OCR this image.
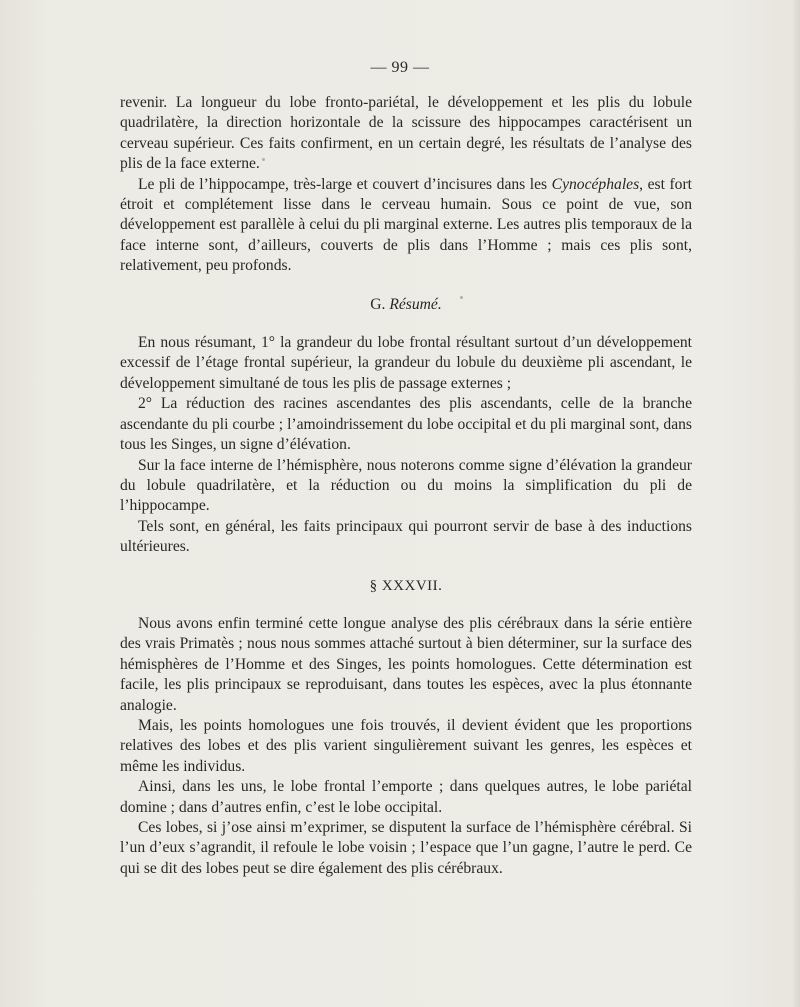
— 99 —

revenir. La longueur du lobe fronto-pariétal, le développement et les plis du lobule quadrilatère, la direction horizontale de la scissure des hippocampes caractérisent un cerveau supérieur. Ces faits confirment, en un certain degré, les résultats de l’analyse des plis de la face externe.

Le pli de l’hippocampe, très-large et couvert d’incisures dans les Cynocéphales, est fort étroit et complétement lisse dans le cerveau humain. Sous ce point de vue, son développement est parallèle à celui du pli marginal externe. Les autres plis temporaux de la face interne sont, d’ailleurs, couverts de plis dans l’Homme ; mais ces plis sont, relativement, peu profonds.

G. Résumé.

En nous résumant, 1° la grandeur du lobe frontal résultant surtout d’un développement excessif de l’étage frontal supérieur, la grandeur du lobule du deuxième pli ascendant, le développement simultané de tous les plis de passage externes ;

2° La réduction des racines ascendantes des plis ascendants, celle de la branche ascendante du pli courbe ; l’amoindrissement du lobe occipital et du pli marginal sont, dans tous les Singes, un signe d’élévation.

Sur la face interne de l’hémisphère, nous noterons comme signe d’élévation la grandeur du lobule quadrilatère, et la réduction ou du moins la simplification du pli de l’hippocampe.

Tels sont, en général, les faits principaux qui pourront servir de base à des inductions ultérieures.

§ XXXVII.

Nous avons enfin terminé cette longue analyse des plis cérébraux dans la série entière des vrais Primatès ; nous nous sommes attaché surtout à bien déterminer, sur la surface des hémisphères de l’Homme et des Singes, les points homologues. Cette détermination est facile, les plis principaux se reproduisant, dans toutes les espèces, avec la plus étonnante analogie.

Mais, les points homologues une fois trouvés, il devient évident que les proportions relatives des lobes et des plis varient singulièrement suivant les genres, les espèces et même les individus.

Ainsi, dans les uns, le lobe frontal l’emporte ; dans quelques autres, le lobe pariétal domine ; dans d’autres enfin, c’est le lobe occipital.

Ces lobes, si j’ose ainsi m’exprimer, se disputent la surface de l’hémisphère cérébral. Si l’un d’eux s’agrandit, il refoule le lobe voisin ; l’espace que l’un gagne, l’autre le perd. Ce qui se dit des lobes peut se dire également des plis cérébraux.
